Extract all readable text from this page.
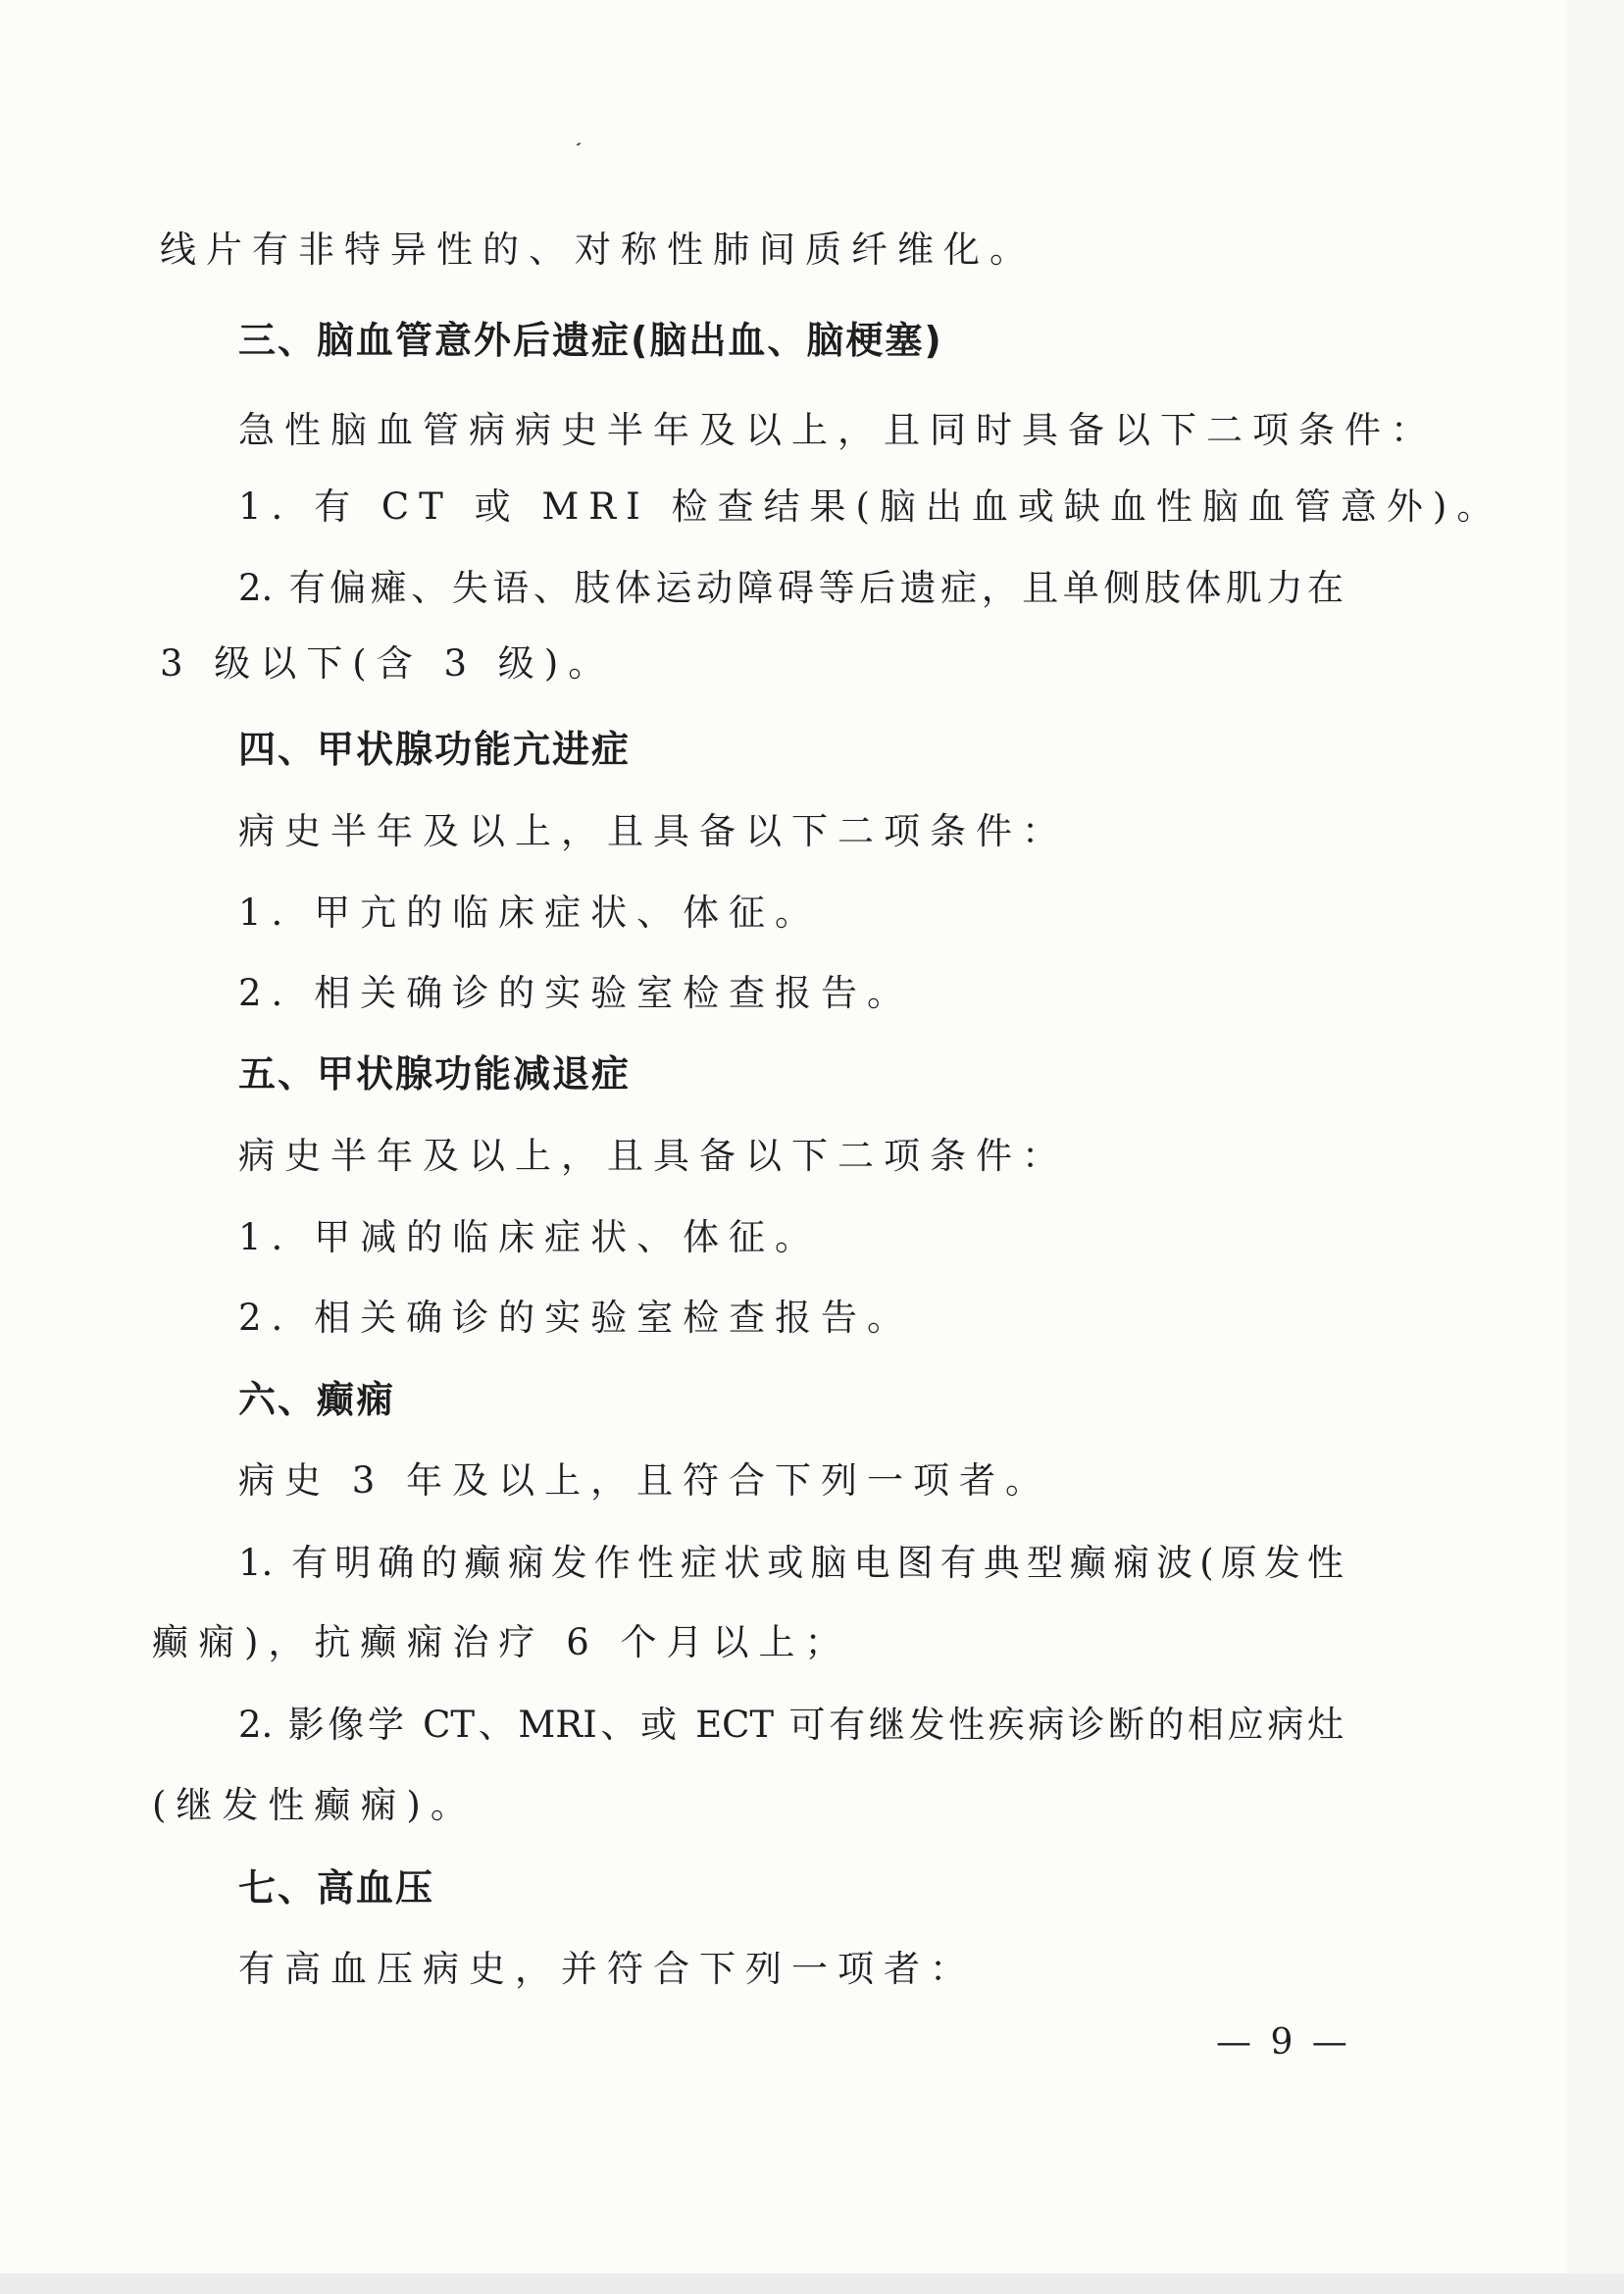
线片有非特异性的、对称性肺间质纤维化。
三、脑血管意外后遗症(脑出血、脑梗塞)
急性脑血管病病史半年及以上，且同时具备以下二项条件：
1. 有 CT 或 MRI 检查结果(脑出血或缺血性脑血管意外)。
2. 有偏瘫、失语、肢体运动障碍等后遗症，且单侧肢体肌力在
3 级以下(含 3 级)。
四、甲状腺功能亢进症
病史半年及以上，且具备以下二项条件：
1. 甲亢的临床症状、体征。
2. 相关确诊的实验室检查报告。
五、甲状腺功能减退症
病史半年及以上，且具备以下二项条件：
1. 甲减的临床症状、体征。
2. 相关确诊的实验室检查报告。
六、癫痫
病史 3 年及以上，且符合下列一项者。
1. 有明确的癫痫发作性症状或脑电图有典型癫痫波(原发性
癫痫)，抗癫痫治疗 6 个月以上；
2. 影像学 CT、MRI、或 ECT 可有继发性疾病诊断的相应病灶
(继发性癫痫)。
七、高血压
有高血压病史，并符合下列一项者：
— 9 —
